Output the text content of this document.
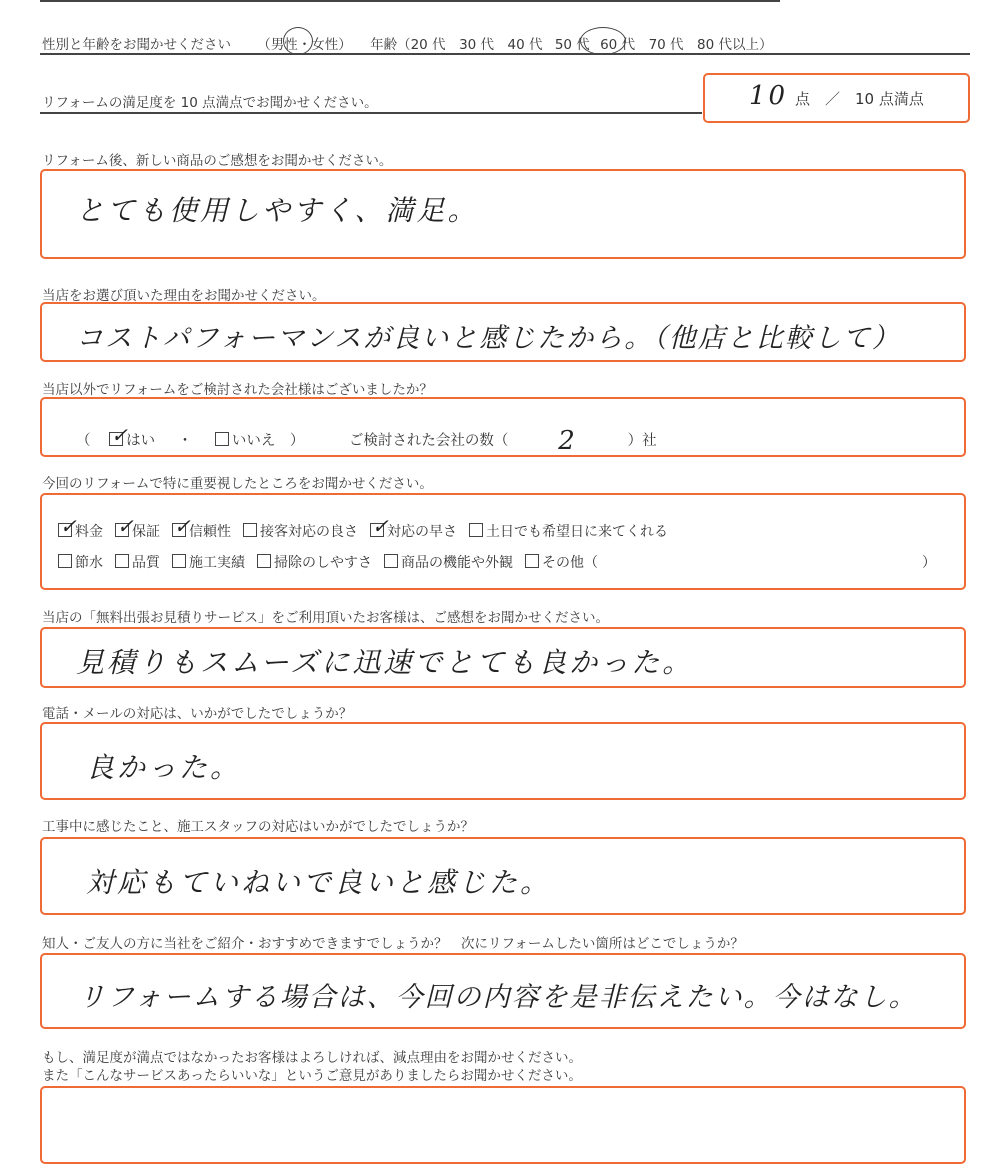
性別と年齢をお聞かせください （男性・女性） 年齢（20 代　30 代　40 代 50 代 60 代　70 代　80 代以上）
リフォームの満足度を 10 点満点でお聞かせください。	10 点　／　10 点満点
リフォーム後、新しい商品のご感想をお聞かせください。
とても使用しやすく、満足。
当店をお選び頂いた理由をお聞かせください。
コストパフォーマンスが良いと感じたから。（他店と比較して）
当店以外でリフォームをご検討された会社様はございましたか？
（ ✓
はい ・	いいえ　）	ご検討された会社の数（ 2	）社
今回のリフォームで特に重要視したところをお聞かせください。
✓
料金 ✓
保証 ✓
信頼性 接客対応の良さ ✓
対応の早さ 土日でも希望日に来てくれる
節水 品質 施工実績 掃除のしやすさ 商品の機能や外観 その他（	）
当店の「無料出張お見積りサービス」をご利用頂いたお客様は、ご感想をお聞かせください。
見積りもスムーズに迅速でとても良かった。
電話・メールの対応は、いかがでしたでしょうか？
良かった。
工事中に感じたこと、施工スタッフの対応はいかがでしたでしょうか？
対応もていねいで良いと感じた。
知人・ご友人の方に当社をご紹介・おすすめできますでしょうか？　次にリフォームしたい箇所はどこでしょうか？
リフォームする場合は、今回の内容を是非伝えたい。今はなし。
もし、満足度が満点ではなかったお客様はよろしければ、減点理由をお聞かせください。
また「こんなサービスあったらいいな」というご意見がありましたらお聞かせください。
